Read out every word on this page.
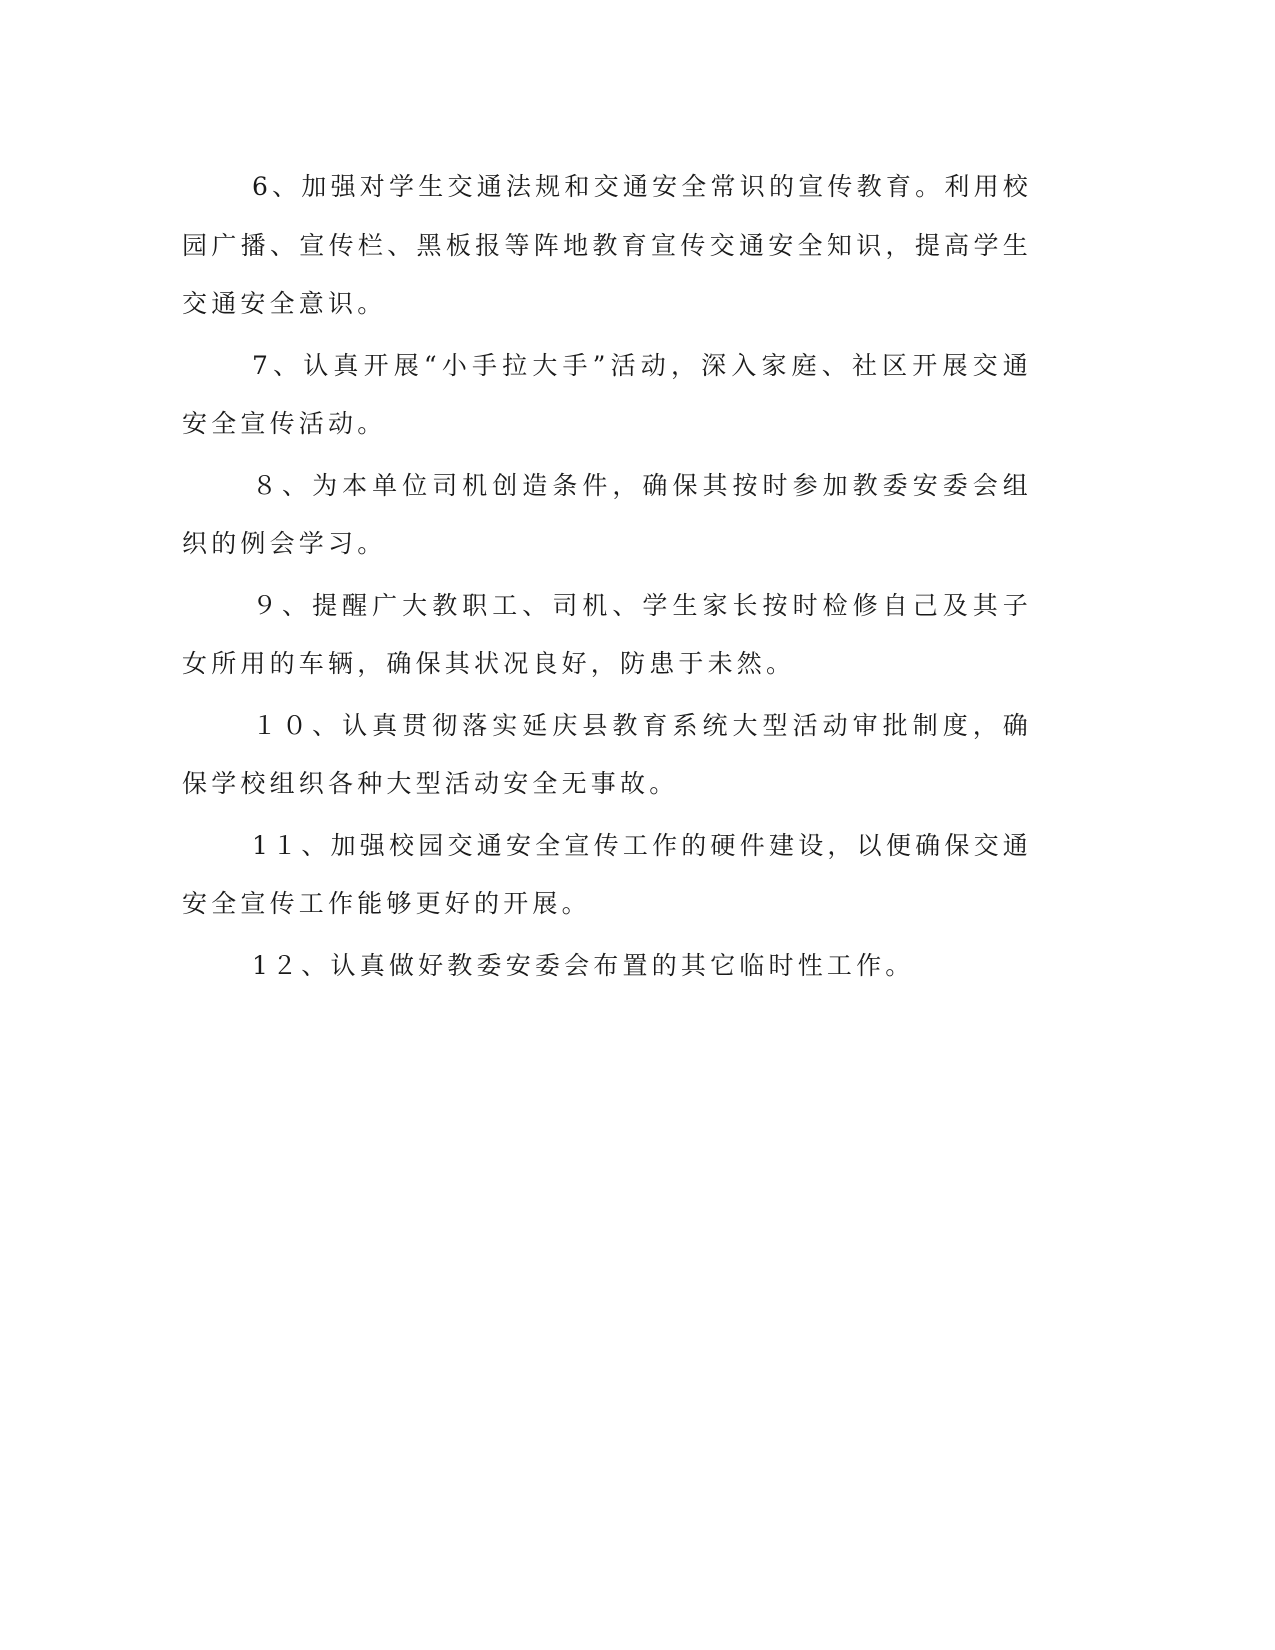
6、加强对学生交通法规和交通安全常识的宣传教育。利用校园广播、宣传栏、黑板报等阵地教育宣传交通安全知识，提高学生交通安全意识。

7、认真开展“小手拉大手”活动，深入家庭、社区开展交通安全宣传活动。

８、为本单位司机创造条件，确保其按时参加教委安委会组织的例会学习。

９、提醒广大教职工、司机、学生家长按时检修自己及其子女所用的车辆，确保其状况良好，防患于未然。

１０、认真贯彻落实延庆县教育系统大型活动审批制度，确保学校组织各种大型活动安全无事故。

1１、加强校园交通安全宣传工作的硬件建设，以便确保交通安全宣传工作能够更好的开展。

1２、认真做好教委安委会布置的其它临时性工作。
